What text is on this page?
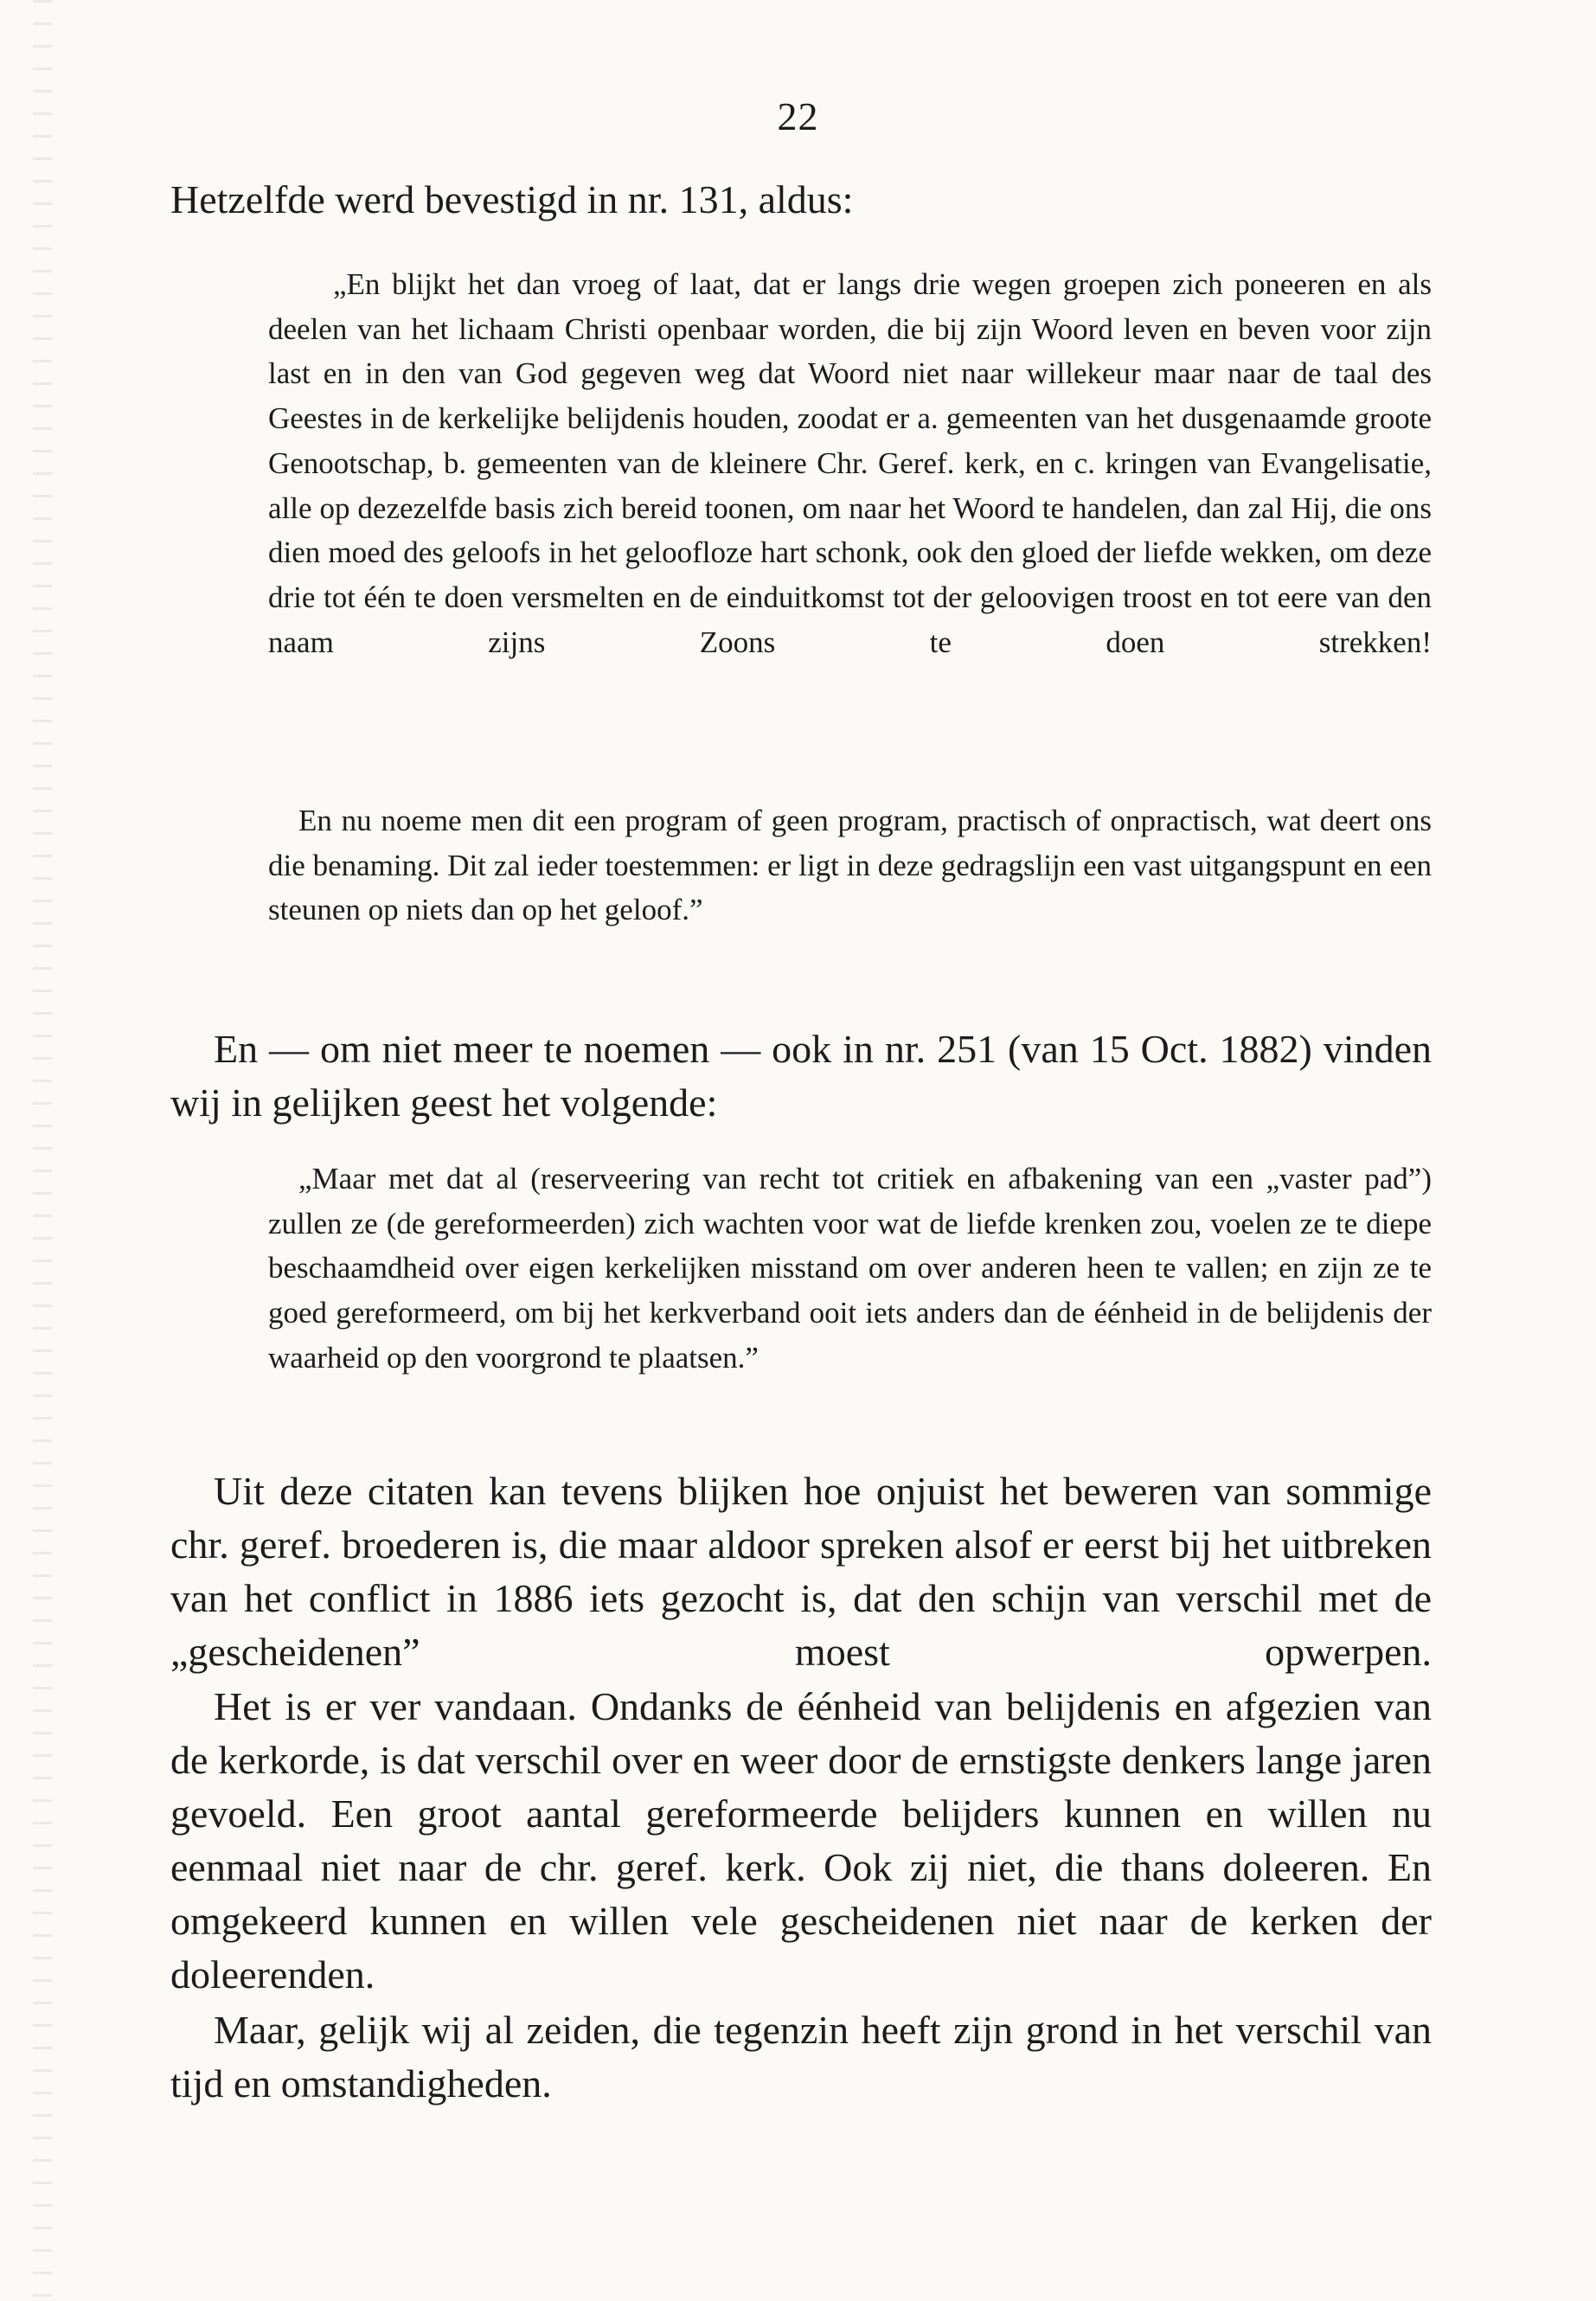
22

Hetzelfde werd bevestigd in nr. 131, aldus:

„En blijkt het dan vroeg of laat, dat er langs drie wegen groepen zich poneeren en als deelen van het lichaam Christi openbaar worden, die bij zijn Woord leven en beven voor zijn last en in den van God gegeven weg dat Woord niet naar willekeur maar naar de taal des Geestes in de kerkelijke belijdenis houden, zoodat er a. gemeenten van het dusgenaamde groote Genootschap, b. gemeenten van de kleinere Chr. Geref. kerk, en c. kringen van Evangelisatie, alle op dezezelfde basis zich bereid toonen, om naar het Woord te handelen, dan zal Hij, die ons dien moed des geloofs in het geloofloze hart schonk, ook den gloed der liefde wekken, om deze drie tot één te doen versmelten en de einduitkomst tot der geloovigen troost en tot eere van den naam zijns Zoons te doen strekken!

En nu noeme men dit een program of geen program, practisch of onpractisch, wat deert ons die benaming. Dit zal ieder toestemmen: er ligt in deze gedragslijn een vast uitgangspunt en een steunen op niets dan op het geloof.”

En — om niet meer te noemen — ook in nr. 251 (van 15 Oct. 1882) vinden wij in gelijken geest het volgende:

„Maar met dat al (reserveering van recht tot critiek en afbakening van een „vaster pad”) zullen ze (de gereformeerden) zich wachten voor wat de liefde krenken zou, voelen ze te diepe beschaamdheid over eigen kerkelijken misstand om over anderen heen te vallen; en zijn ze te goed gereformeerd, om bij het kerkverband ooit iets anders dan de éénheid in de belijdenis der waarheid op den voorgrond te plaatsen.”

Uit deze citaten kan tevens blijken hoe onjuist het beweren van sommige chr. geref. broederen is, die maar aldoor spreken alsof er eerst bij het uitbreken van het conflict in 1886 iets gezocht is, dat den schijn van verschil met de „gescheidenen” moest opwerpen.

Het is er ver vandaan. Ondanks de éénheid van belijdenis en afgezien van de kerkorde, is dat verschil over en weer door de ernstigste denkers lange jaren gevoeld. Een groot aantal gereformeerde belijders kunnen en willen nu eenmaal niet naar de chr. geref. kerk. Ook zij niet, die thans doleeren. En omgekeerd kunnen en willen vele gescheidenen niet naar de kerken der doleerenden.

Maar, gelijk wij al zeiden, die tegenzin heeft zijn grond in het verschil van tijd en omstandigheden.
